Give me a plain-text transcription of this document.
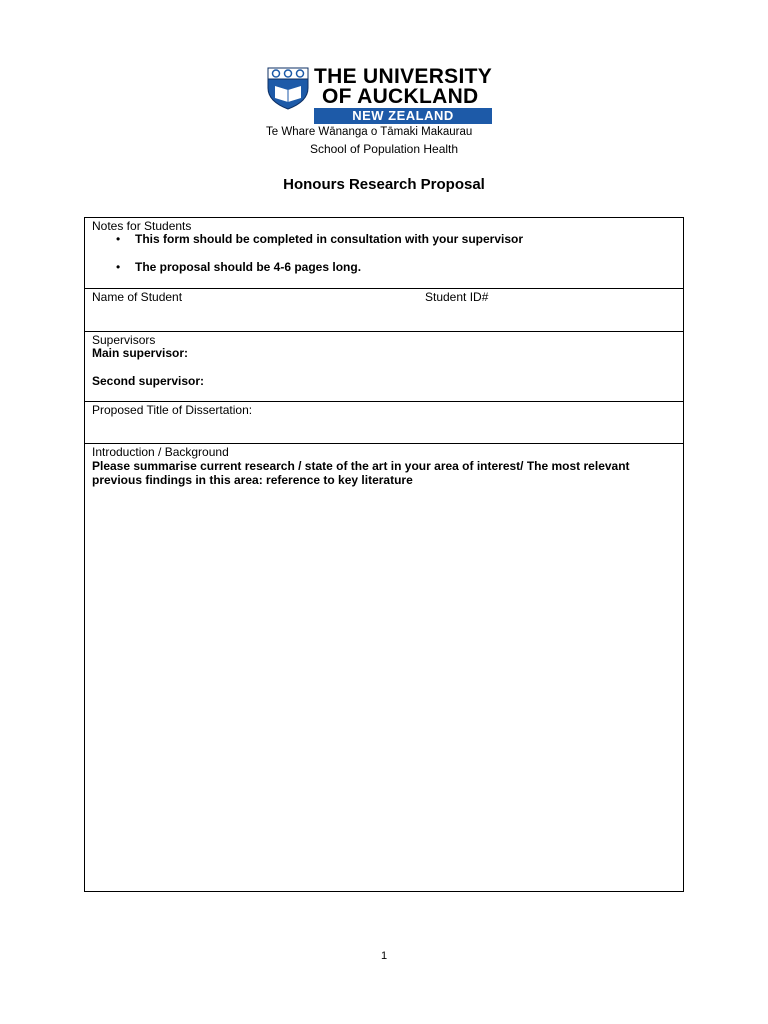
THE UNIVERSITY
OF AUCKLAND
NEW ZEALAND
Te Whare Wānanga o Tāmaki Makaurau
School of Population Health
Honours Research Proposal
Notes for Students
• This form should be completed in consultation with your supervisor
• The proposal should be 4-6 pages long.
Name of Student	Student ID#
Supervisors
Main supervisor:
Second supervisor:
Proposed Title of Dissertation:
Introduction / Background
Please summarise current research / state of the art in your area of interest/ The most relevant previous findings in this area: reference to key literature
1
